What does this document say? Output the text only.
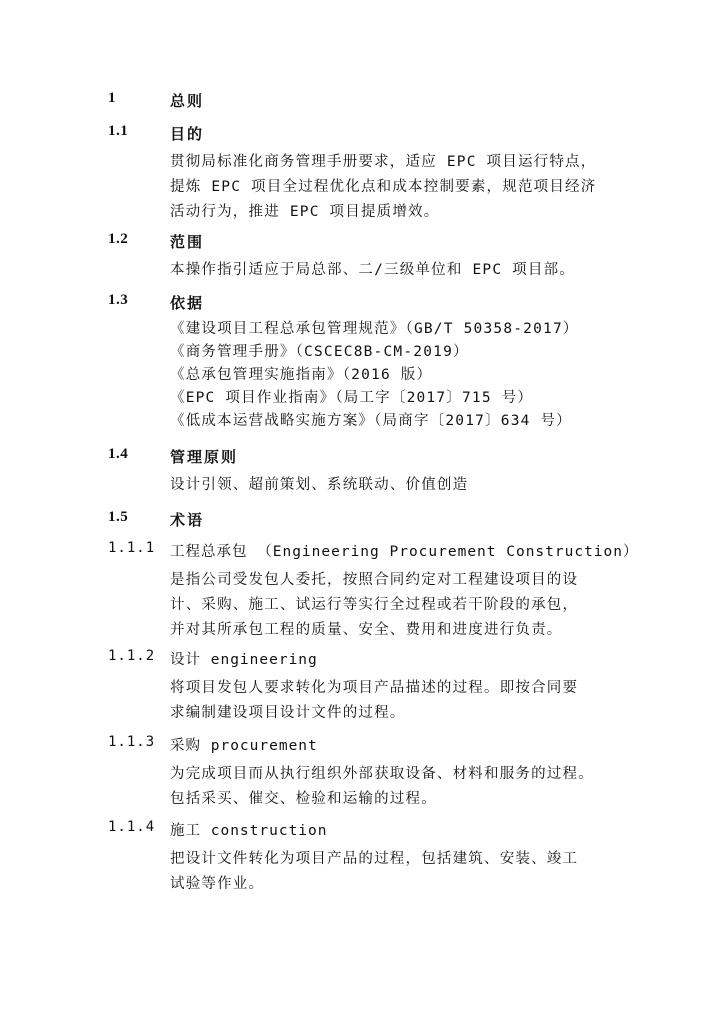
1	总则
1.1	目的
贯彻局标准化商务管理手册要求，适应 EPC 项目运行特点，
提炼 EPC 项目全过程优化点和成本控制要素，规范项目经济
活动行为，推进 EPC 项目提质增效。
1.2	范围
本操作指引适应于局总部、二/三级单位和 EPC 项目部。
1.3	依据
《建设项目工程总承包管理规范》（GB/T 50358-2017）
《商务管理手册》（CSCEC8B-CM-2019）
《总承包管理实施指南》（2016 版）
《EPC 项目作业指南》（局工字〔2017〕715 号）
《低成本运营战略实施方案》（局商字〔2017〕634 号）
1.4	管理原则
设计引领、超前策划、系统联动、价值创造
1.5	术语
1.1.1 工程总承包 （Engineering Procurement Construction）
是指公司受发包人委托，按照合同约定对工程建设项目的设
计、采购、施工、试运行等实行全过程或若干阶段的承包，
并对其所承包工程的质量、安全、费用和进度进行负责。
1.1.2 设计 engineering
将项目发包人要求转化为项目产品描述的过程。即按合同要
求编制建设项目设计文件的过程。
1.1.3 采购 procurement
为完成项目而从执行组织外部获取设备、材料和服务的过程。
包括采买、催交、检验和运输的过程。
1.1.4 施工 construction
把设计文件转化为项目产品的过程，包括建筑、安装、竣工
试验等作业。
